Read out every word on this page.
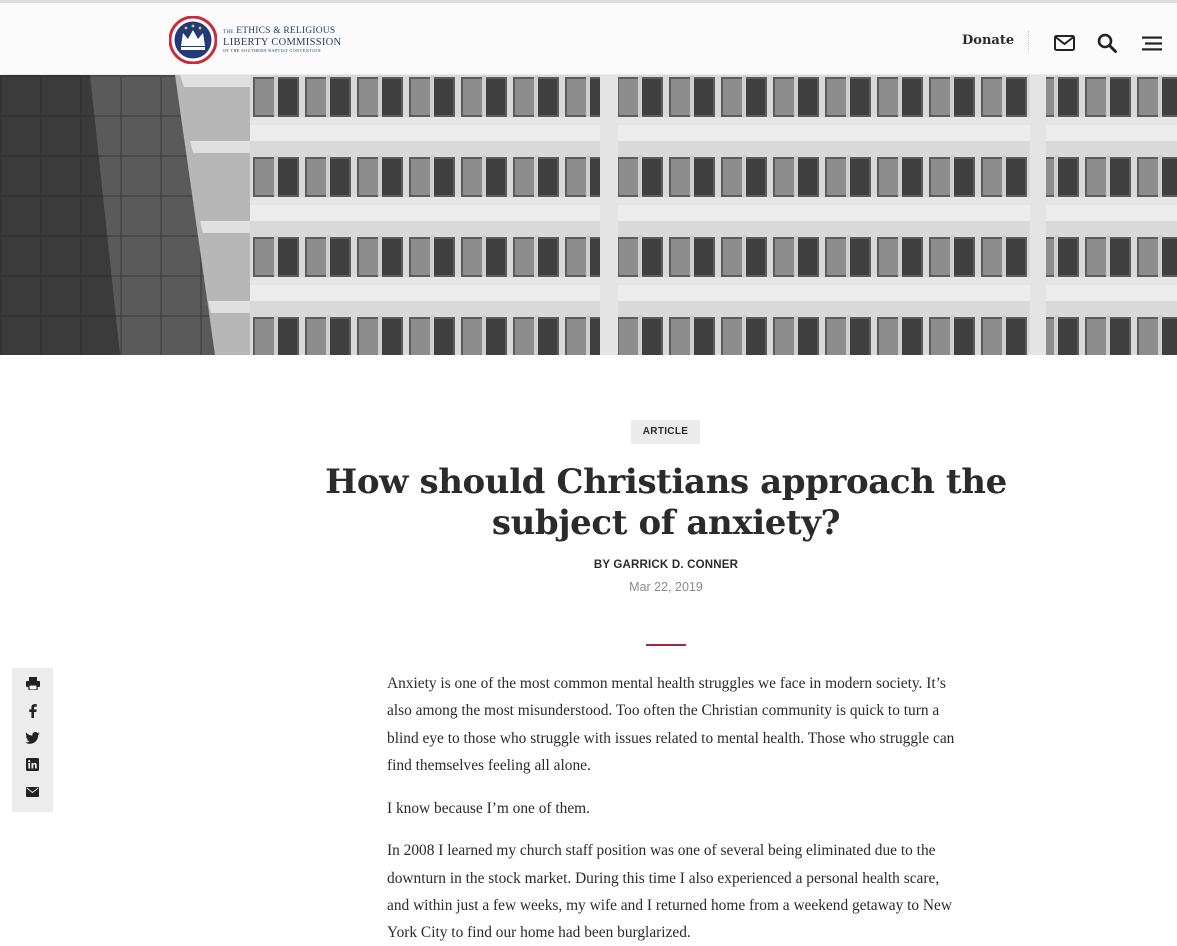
THE ETHICS & RELIGIOUS
LIBERTY COMMISSION
OF THE SOUTHERN BAPTIST CONVENTION
Donate
ARTICLE
How should Christians approach the subject of anxiety?
BY GARRICK D. CONNER
Mar 22, 2019

Anxiety is one of the most common mental health struggles we face in modern society. It’s also among the most misunderstood. Too often the Christian community is quick to turn a blind eye to those who struggle with issues related to mental health. Those who struggle can find themselves feeling all alone.

I know because I’m one of them.

In 2008 I learned my church staff position was one of several being eliminated due to the downturn in the stock market. During this time I also experienced a personal health scare, and within just a few weeks, my wife and I returned home from a weekend getaway to New York City to find our home had been burglarized.
